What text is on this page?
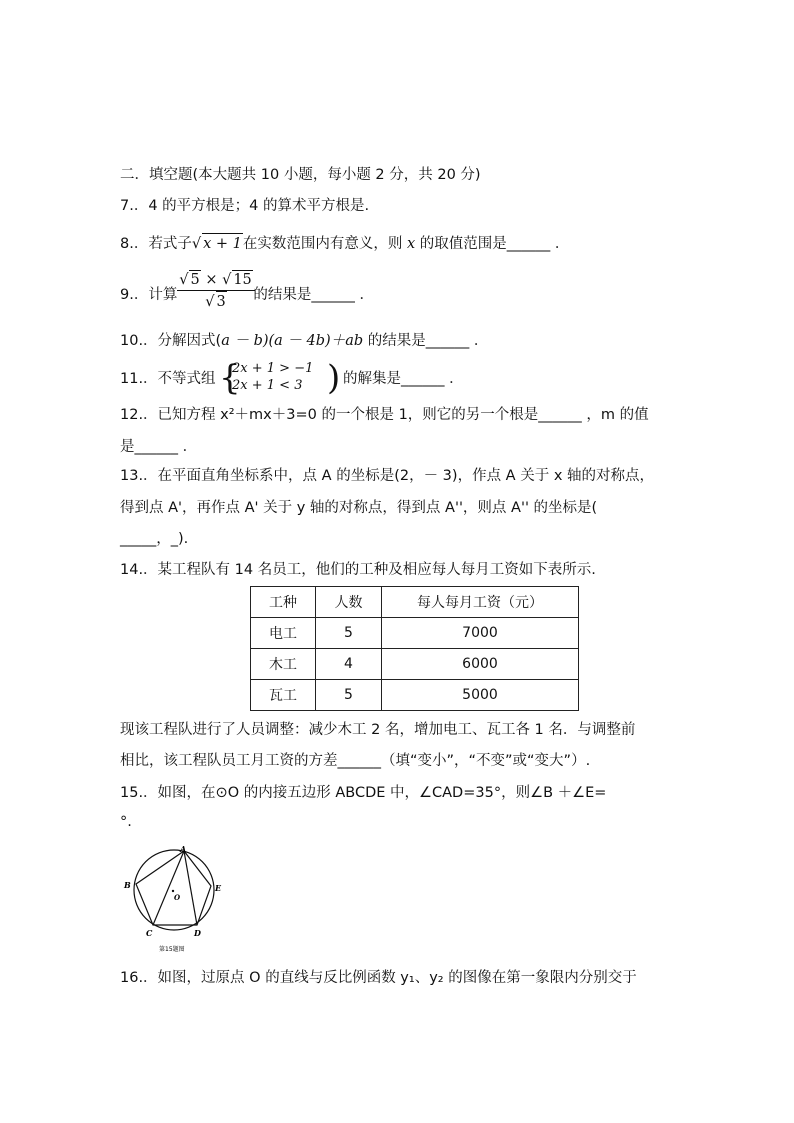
二．填空题(本大题共 10 小题，每小题 2 分，共 20 分)
7.．4 的平方根是；4 的算术平方根是.
8.．若式子√ x + 1在实数范围内有意义，则 x 的取值范围是______ ．
9.．计算	的结果是______ ．
$\frac{√ 5 \times √ 15}{√ 3}$
10.．分解因式(a － b)(a － 4b)＋ab 的结果是______ ．
11.．不等式组 {
2x + 1 > −1
2x + 1 < 3 ) 的解集是______ ．
12.．已知方程 x²＋mx＋3=0 的一个根是 1，则它的另一个根是______ ，m 的值
是______ ．
13.．在平面直角坐标系中，点 A 的坐标是(2，－ 3)，作点 A 关于 x 轴的对称点，
得到点 A'，再作点 A' 关于 y 轴的对称点，得到点 A''，则点 A'' 的坐标是(
_____，_).
14.．某工程队有 14 名员工，他们的工种及相应每人每月工资如下表所示.
工种	人数	每人每月工资（元）
电工	5	7000
木工	4	6000
瓦工	5	5000
现该工程队进行了人员调整：减少木工 2 名，增加电工、瓦工各 1 名．与调整前
相比，该工程队员工月工资的方差______（填“变小”，“不变”或“变大”）.
15.．如图，在⊙O 的内接五边形 ABCDE 中，∠CAD=35°，则∠B ＋∠E=
°.
A
B
C	D
E
O
第15题图
16.．如图，过原点 O 的直线与反比例函数 y₁、y₂ 的图像在第一象限内分别交于
